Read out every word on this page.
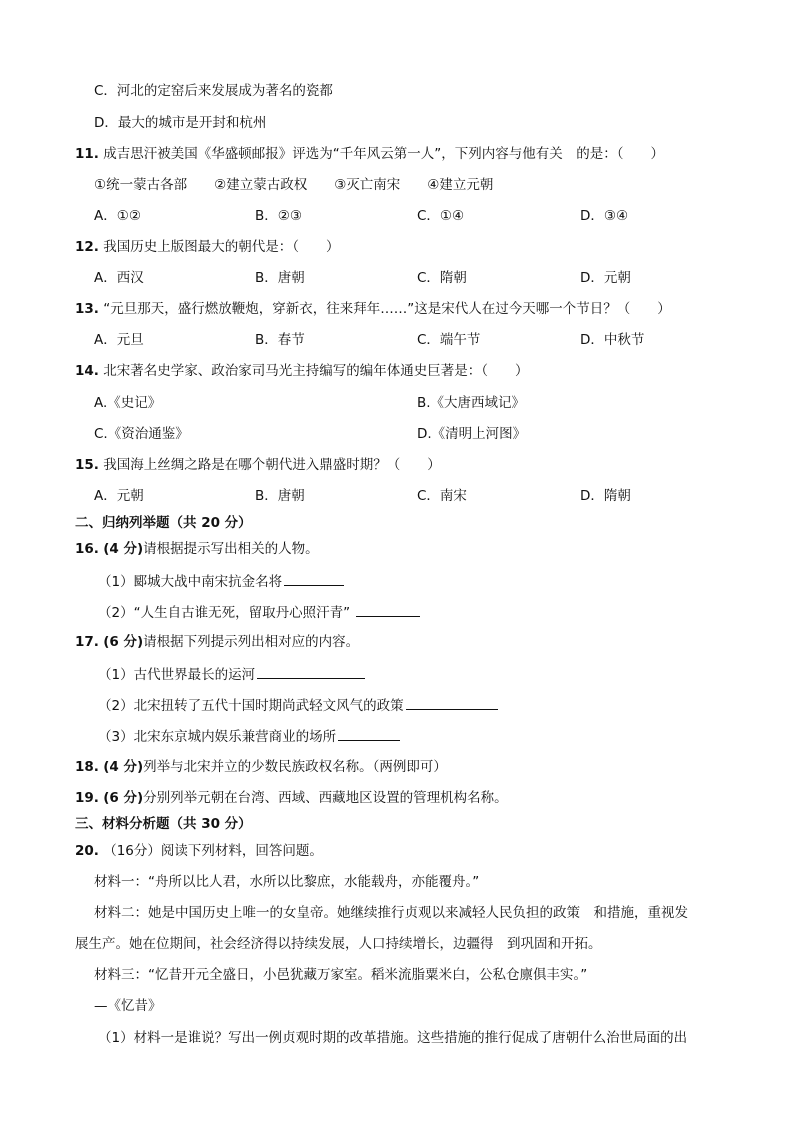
C．河北的定窑后来发展成为著名的瓷都
D．最大的城市是开封和杭州
11. 成吉思汗被美国《华盛顿邮报》评选为“千年风云第一人”，下列内容与他有关　的是：（　　）
①统一蒙古各部　　②建立蒙古政权　　③灭亡南宋　　④建立元朝
A．①②	B．②③	C．①④	D．③④
12. 我国历史上版图最大的朝代是：（　　）
A．西汉	B．唐朝	C．隋朝	D．元朝
13. “元旦那天，盛行燃放鞭炮，穿新衣，往来拜年……”这是宋代人在过今天哪一个节日？（　　）
A．元旦	B．春节	C．端午节	D．中秋节
14. 北宋著名史学家、政治家司马光主持编写的编年体通史巨著是：（　　）
A.《史记》	B.《大唐西域记》
C.《资治通鉴》	D.《清明上河图》
15. 我国海上丝绸之路是在哪个朝代进入鼎盛时期？（　　）
A．元朝	B．唐朝	C．南宋	D．隋朝
二、归纳列举题（共 20 分）
16. (4 分)请根据提示写出相关的人物。
（1）郾城大战中南宋抗金名将
（2）“人生自古谁无死，留取丹心照汗青”
17. (6 分)请根据下列提示列出相对应的内容。
（1）古代世界最长的运河
（2）北宋扭转了五代十国时期尚武轻文风气的政策
（3）北宋东京城内娱乐兼营商业的场所
18. (4 分)列举与北宋并立的少数民族政权名称。（两例即可）
19. (6 分)分别列举元朝在台湾、西域、西藏地区设置的管理机构名称。
三、材料分析题（共 30 分）
20. （16分）阅读下列材料，回答问题。
材料一：“舟所以比人君，水所以比黎庶，水能载舟，亦能覆舟。”
材料二：她是中国历史上唯一的女皇帝。她继续推行贞观以来减轻人民负担的政策　和措施，重视发
展生产。她在位期间，社会经济得以持续发展，人口持续增长，边疆得　到巩固和开拓。
材料三：“忆昔开元全盛日，小邑犹藏万家室。稻米流脂粟米白，公私仓廪俱丰实。”
—《忆昔》
（1）材料一是谁说？写出一例贞观时期的改革措施。这些措施的推行促成了唐朝什么治世局面的出
